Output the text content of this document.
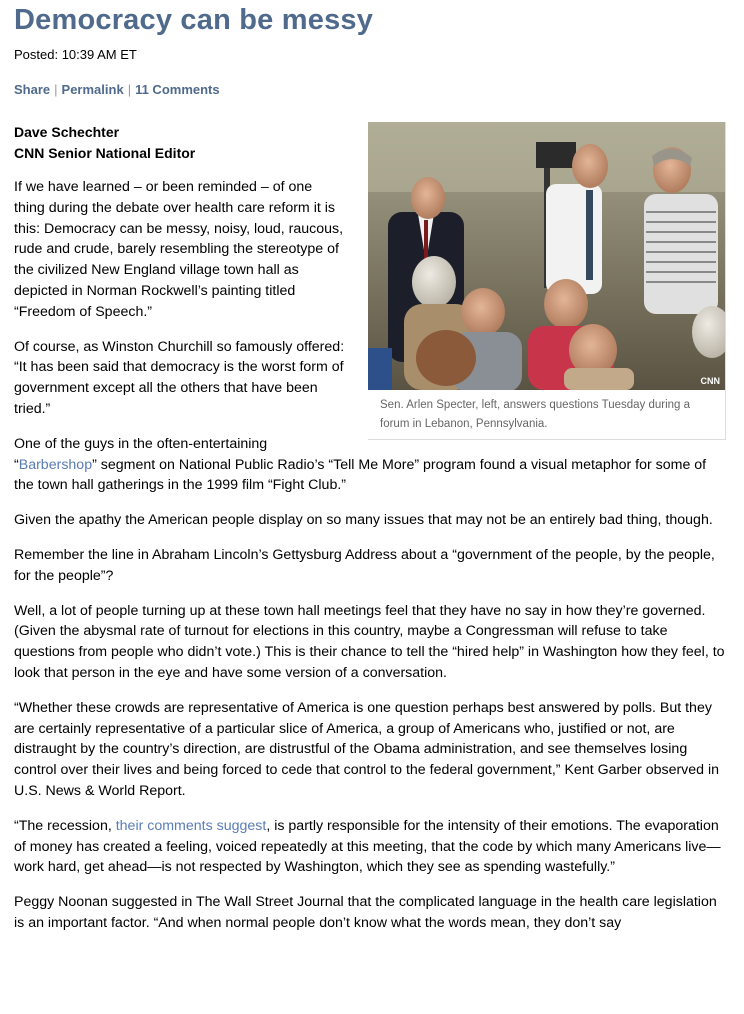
Democracy can be messy
Posted: 10:39 AM ET
Share | Permalink | 11 Comments
Dave Schechter
CNN Senior National Editor
CNN
Sen. Arlen Specter, left, answers questions Tuesday during a forum in Lebanon, Pennsylvania.

If we have learned – or been reminded – of one thing during the debate over health care reform it is this: Democracy can be messy, noisy, loud, raucous, rude and crude, barely resembling the stereotype of the civilized New England village town hall as depicted in Norman Rockwell’s painting titled “Freedom of Speech.”

Of course, as Winston Churchill so famously offered: “It has been said that democracy is the worst form of government except all the others that have been tried.”

One of the guys in the often-entertaining “Barbershop” segment on National Public Radio’s “Tell Me More” program found a visual metaphor for some of the town hall gatherings in the 1999 film “Fight Club.”

Given the apathy the American people display on so many issues that may not be an entirely bad thing, though.

Remember the line in Abraham Lincoln’s Gettysburg Address about a “government of the people, by the people, for the people”?

Well, a lot of people turning up at these town hall meetings feel that they have no say in how they’re governed. (Given the abysmal rate of turnout for elections in this country, maybe a Congressman will refuse to take questions from people who didn’t vote.) This is their chance to tell the “hired help” in Washington how they feel, to look that person in the eye and have some version of a conversation.

“Whether these crowds are representative of America is one question perhaps best answered by polls. But they are certainly representative of a particular slice of America, a group of Americans who, justified or not, are distraught by the country’s direction, are distrustful of the Obama administration, and see themselves losing control over their lives and being forced to cede that control to the federal government,” Kent Garber observed in U.S. News & World Report.

“The recession, their comments suggest, is partly responsible for the intensity of their emotions. The evaporation of money has created a feeling, voiced repeatedly at this meeting, that the code by which many Americans live—work hard, get ahead—is not respected by Washington, which they see as spending wastefully.”

Peggy Noonan suggested in The Wall Street Journal that the complicated language in the health care legislation is an important factor. “And when normal people don’t know what the words mean, they don’t say
